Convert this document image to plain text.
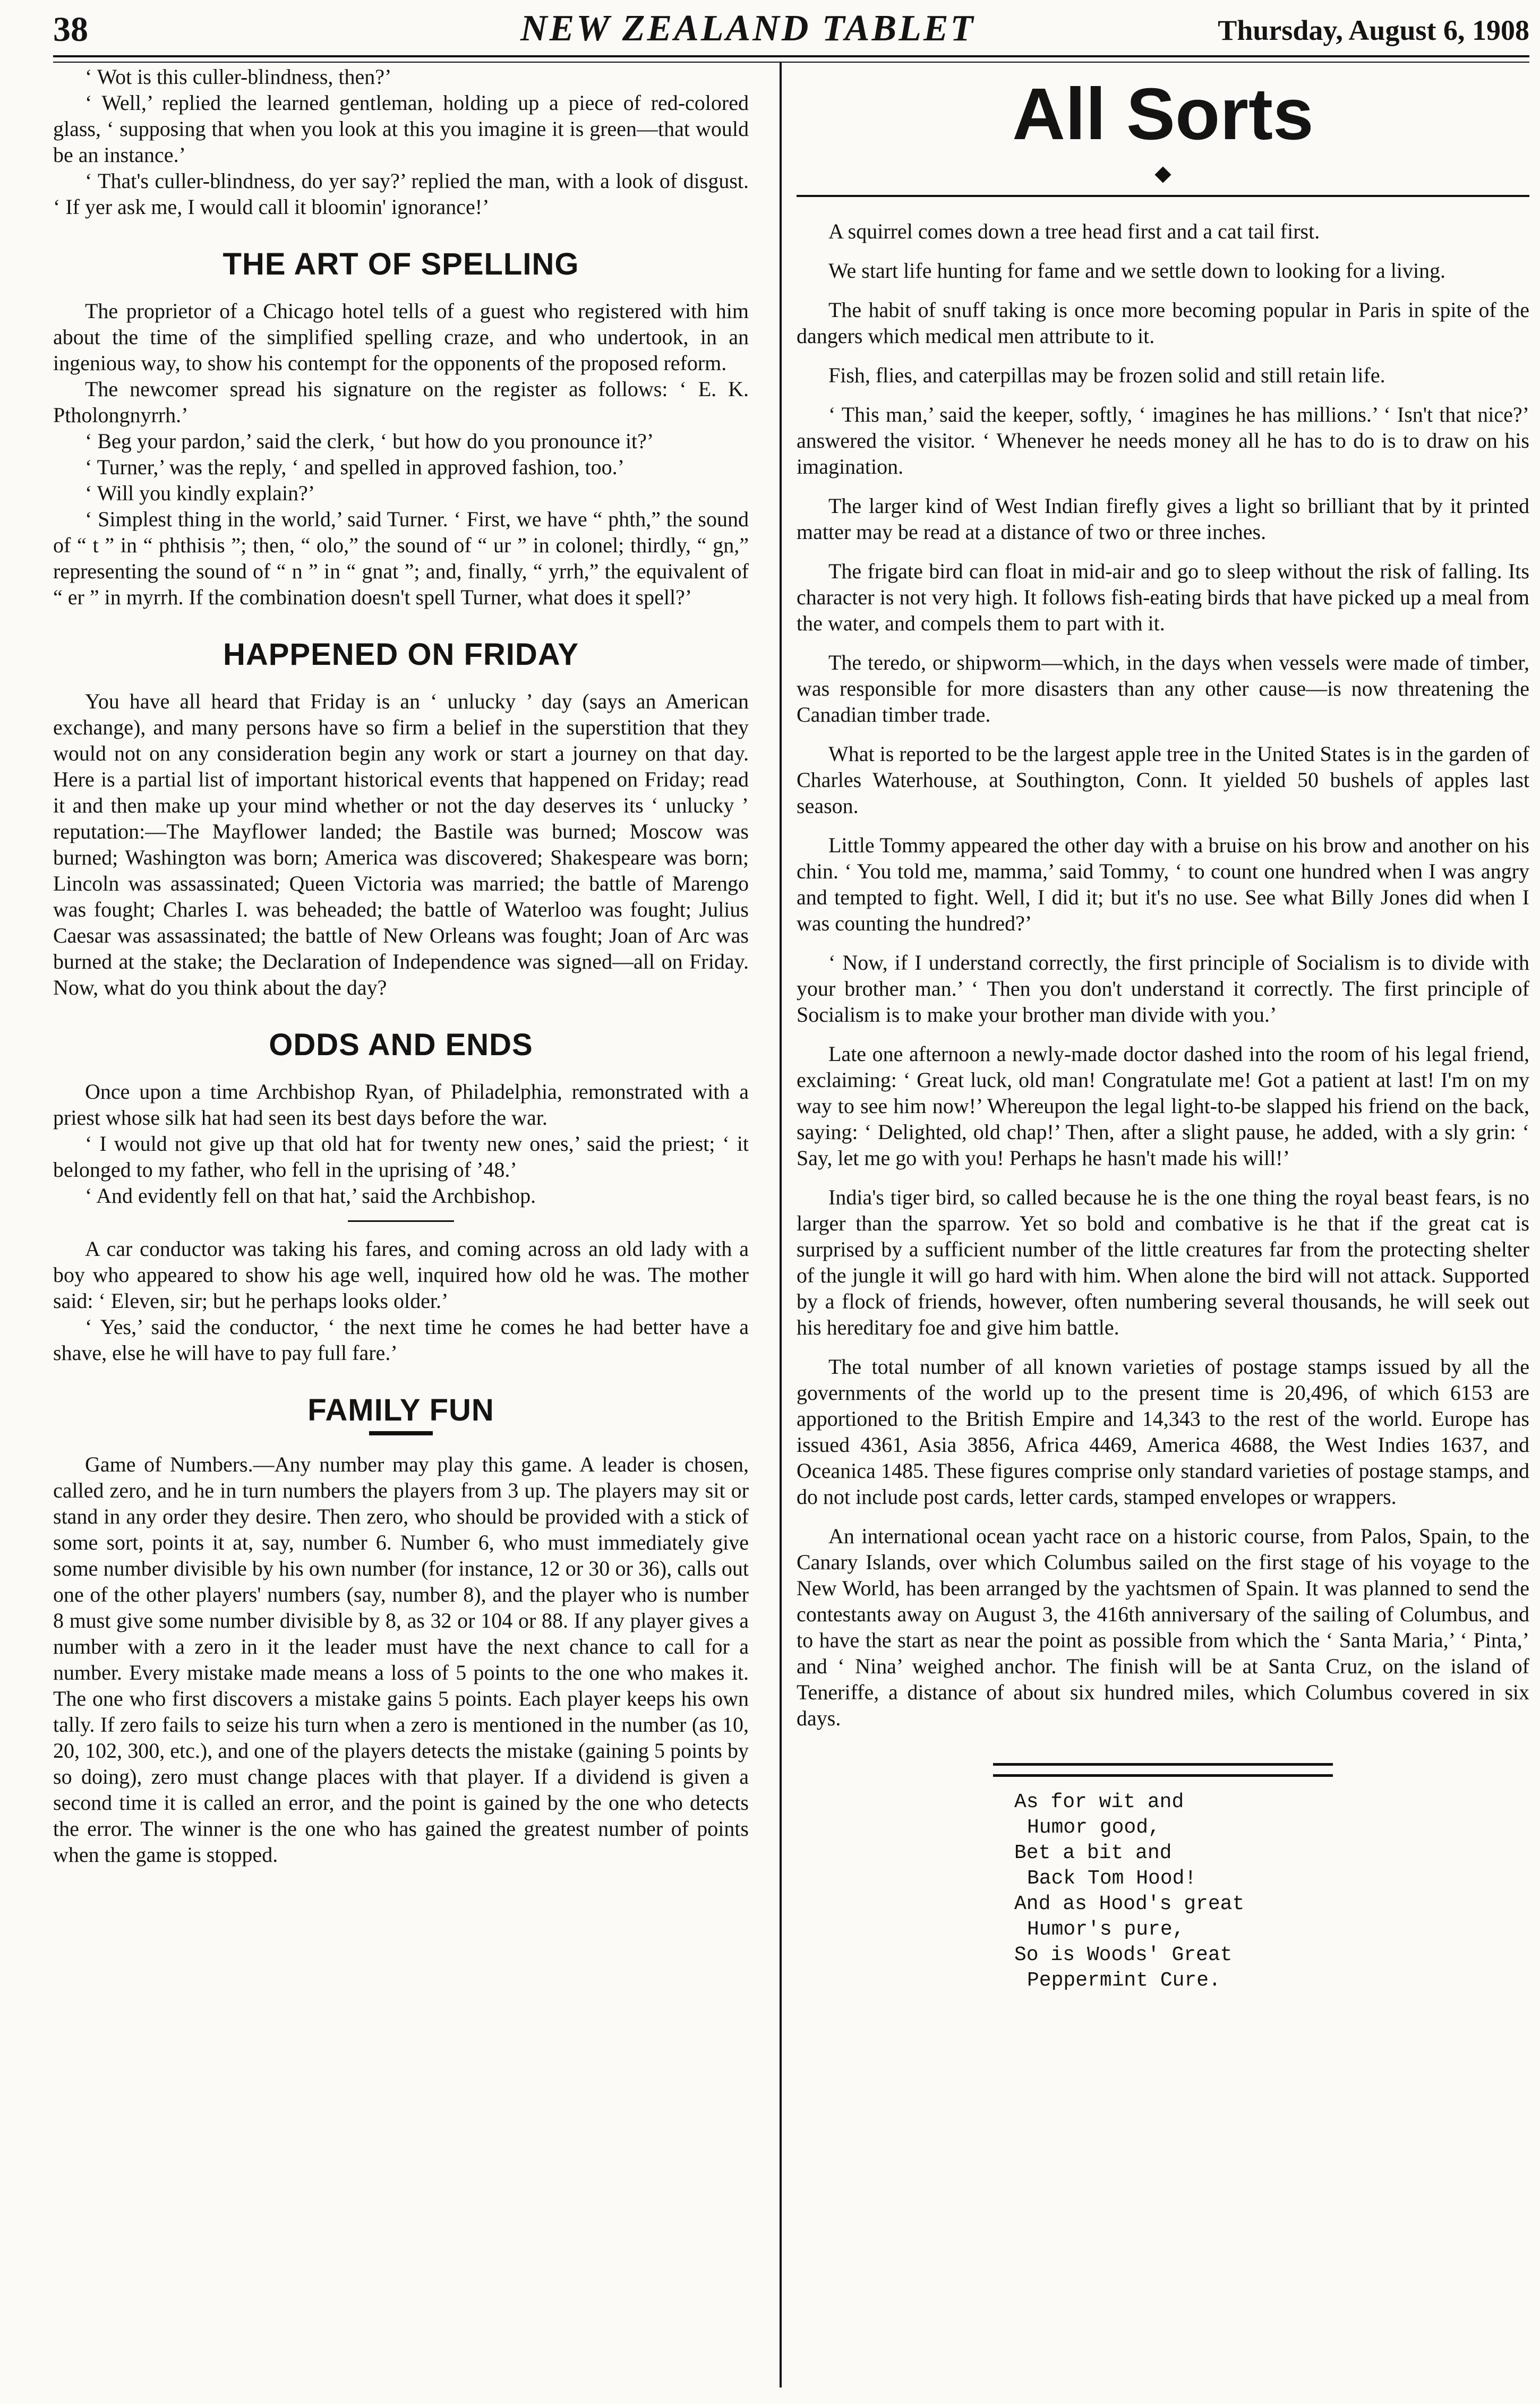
38	NEW ZEALAND TABLET	Thursday, August 6, 1908

‘ Wot is this culler-blindness, then?’

‘ Well,’ replied the learned gentleman, holding up a piece of red-colored glass, ‘ supposing that when you look at this you imagine it is green—that would be an instance.’

‘ That's culler-blindness, do yer say?’ replied the man, with a look of disgust. ‘ If yer ask me, I would call it bloomin' ignorance!’

THE ART OF SPELLING

The proprietor of a Chicago hotel tells of a guest who registered with him about the time of the simplified spelling craze, and who undertook, in an ingenious way, to show his contempt for the opponents of the proposed reform.

The newcomer spread his signature on the register as follows: ‘ E. K. Ptholongnyrrh.’

‘ Beg your pardon,’ said the clerk, ‘ but how do you pronounce it?’

‘ Turner,’ was the reply, ‘ and spelled in approved fashion, too.’

‘ Will you kindly explain?’

‘ Simplest thing in the world,’ said Turner. ‘ First, we have “ phth,” the sound of “ t ” in “ phthisis ”; then, “ olo,” the sound of “ ur ” in colonel; thirdly, “ gn,” representing the sound of “ n ” in “ gnat ”; and, finally, “ yrrh,” the equivalent of “ er ” in myrrh. If the combination doesn't spell Turner, what does it spell?’

HAPPENED ON FRIDAY

You have all heard that Friday is an ‘ unlucky ’ day (says an American exchange), and many persons have so firm a belief in the superstition that they would not on any consideration begin any work or start a journey on that day. Here is a partial list of important historical events that happened on Friday; read it and then make up your mind whether or not the day deserves its ‘ unlucky ’ reputation:—The Mayflower landed; the Bastile was burned; Moscow was burned; Washington was born; America was discovered; Shakespeare was born; Lincoln was assassinated; Queen Victoria was married; the battle of Marengo was fought; Charles I. was beheaded; the battle of Waterloo was fought; Julius Caesar was assassinated; the battle of New Orleans was fought; Joan of Arc was burned at the stake; the Declaration of Independence was signed—all on Friday. Now, what do you think about the day?

ODDS AND ENDS

Once upon a time Archbishop Ryan, of Philadelphia, remonstrated with a priest whose silk hat had seen its best days before the war.

‘ I would not give up that old hat for twenty new ones,’ said the priest; ‘ it belonged to my father, who fell in the uprising of ’48.’

‘ And evidently fell on that hat,’ said the Archbishop.

A car conductor was taking his fares, and coming across an old lady with a boy who appeared to show his age well, inquired how old he was. The mother said: ‘ Eleven, sir; but he perhaps looks older.’

‘ Yes,’ said the conductor, ‘ the next time he comes he had better have a shave, else he will have to pay full fare.’

FAMILY FUN

Game of Numbers.—Any number may play this game. A leader is chosen, called zero, and he in turn numbers the players from 3 up. The players may sit or stand in any order they desire. Then zero, who should be provided with a stick of some sort, points it at, say, number 6. Number 6, who must immediately give some number divisible by his own number (for instance, 12 or 30 or 36), calls out one of the other players' numbers (say, number 8), and the player who is number 8 must give some number divisible by 8, as 32 or 104 or 88. If any player gives a number with a zero in it the leader must have the next chance to call for a number. Every mistake made means a loss of 5 points to the one who makes it. The one who first discovers a mistake gains 5 points. Each player keeps his own tally. If zero fails to seize his turn when a zero is mentioned in the number (as 10, 20, 102, 300, etc.), and one of the players detects the mistake (gaining 5 points by so doing), zero must change places with that player. If a dividend is given a second time it is called an error, and the point is gained by the one who detects the error. The winner is the one who has gained the greatest number of points when the game is stopped.

All Sorts

A squirrel comes down a tree head first and a cat tail first.

We start life hunting for fame and we settle down to looking for a living.

The habit of snuff taking is once more becoming popular in Paris in spite of the dangers which medical men attribute to it.

Fish, flies, and caterpillas may be frozen solid and still retain life.

‘ This man,’ said the keeper, softly, ‘ imagines he has millions.’ ‘ Isn't that nice?’ answered the visitor. ‘ Whenever he needs money all he has to do is to draw on his imagination.

The larger kind of West Indian firefly gives a light so brilliant that by it printed matter may be read at a distance of two or three inches.

The frigate bird can float in mid-air and go to sleep without the risk of falling. Its character is not very high. It follows fish-eating birds that have picked up a meal from the water, and compels them to part with it.

The teredo, or shipworm—which, in the days when vessels were made of timber, was responsible for more disasters than any other cause—is now threatening the Canadian timber trade.

What is reported to be the largest apple tree in the United States is in the garden of Charles Waterhouse, at Southington, Conn. It yielded 50 bushels of apples last season.

Little Tommy appeared the other day with a bruise on his brow and another on his chin. ‘ You told me, mamma,’ said Tommy, ‘ to count one hundred when I was angry and tempted to fight. Well, I did it; but it's no use. See what Billy Jones did when I was counting the hundred?’

‘ Now, if I understand correctly, the first principle of Socialism is to divide with your brother man.’ ‘ Then you don't understand it correctly. The first principle of Socialism is to make your brother man divide with you.’

Late one afternoon a newly-made doctor dashed into the room of his legal friend, exclaiming: ‘ Great luck, old man! Congratulate me! Got a patient at last! I'm on my way to see him now!’ Whereupon the legal light-to-be slapped his friend on the back, saying: ‘ Delighted, old chap!’ Then, after a slight pause, he added, with a sly grin: ‘ Say, let me go with you! Perhaps he hasn't made his will!’

India's tiger bird, so called because he is the one thing the royal beast fears, is no larger than the sparrow. Yet so bold and combative is he that if the great cat is surprised by a sufficient number of the little creatures far from the protecting shelter of the jungle it will go hard with him. When alone the bird will not attack. Supported by a flock of friends, however, often numbering several thousands, he will seek out his hereditary foe and give him battle.

The total number of all known varieties of postage stamps issued by all the governments of the world up to the present time is 20,496, of which 6153 are apportioned to the British Empire and 14,343 to the rest of the world. Europe has issued 4361, Asia 3856, Africa 4469, America 4688, the West Indies 1637, and Oceanica 1485. These figures comprise only standard varieties of postage stamps, and do not include post cards, letter cards, stamped envelopes or wrappers.

An international ocean yacht race on a historic course, from Palos, Spain, to the Canary Islands, over which Columbus sailed on the first stage of his voyage to the New World, has been arranged by the yachtsmen of Spain. It was planned to send the contestants away on August 3, the 416th anniversary of the sailing of Columbus, and to have the start as near the point as possible from which the ‘ Santa Maria,’ ‘ Pinta,’ and ‘ Nina’ weighed anchor. The finish will be at Santa Cruz, on the island of Teneriffe, a distance of about six hundred miles, which Columbus covered in six days.

As for wit and
Humor good,
Bet a bit and
Back Tom Hood!
And as Hood's great
Humor's pure,
So is Woods' Great
Peppermint Cure.
